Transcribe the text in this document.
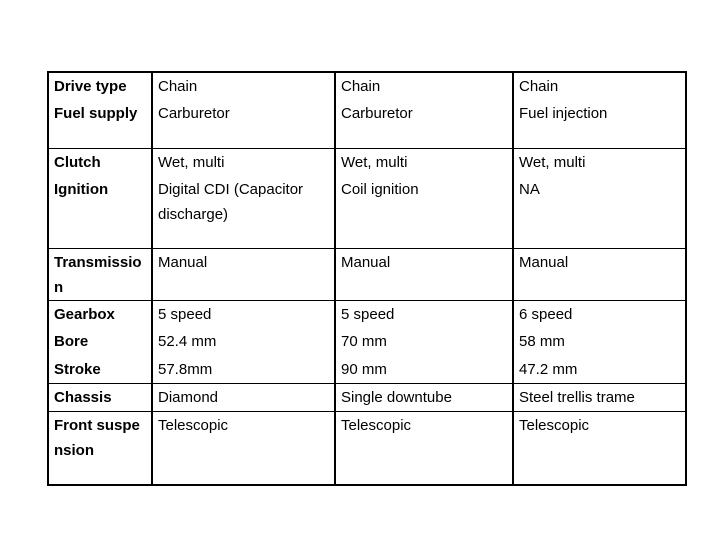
Drive type	Chain	Chain	Chain
Fuel supply	Carburetor	Carburetor	Fuel injection
Clutch	Wet, multi	Wet, multi	Wet, multi
Ignition	Digital CDI (Capacitor discharge)	Coil ignition	NA
Transmission	Manual	Manual	Manual
Gearbox	5 speed	5 speed	6 speed
Bore	52.4 mm	70 mm	58 mm
Stroke	57.8mm	90 mm	47.2 mm
Chassis	Diamond	Single downtube	Steel trellis trame
Front suspension	Telescopic	Telescopic	Telescopic
